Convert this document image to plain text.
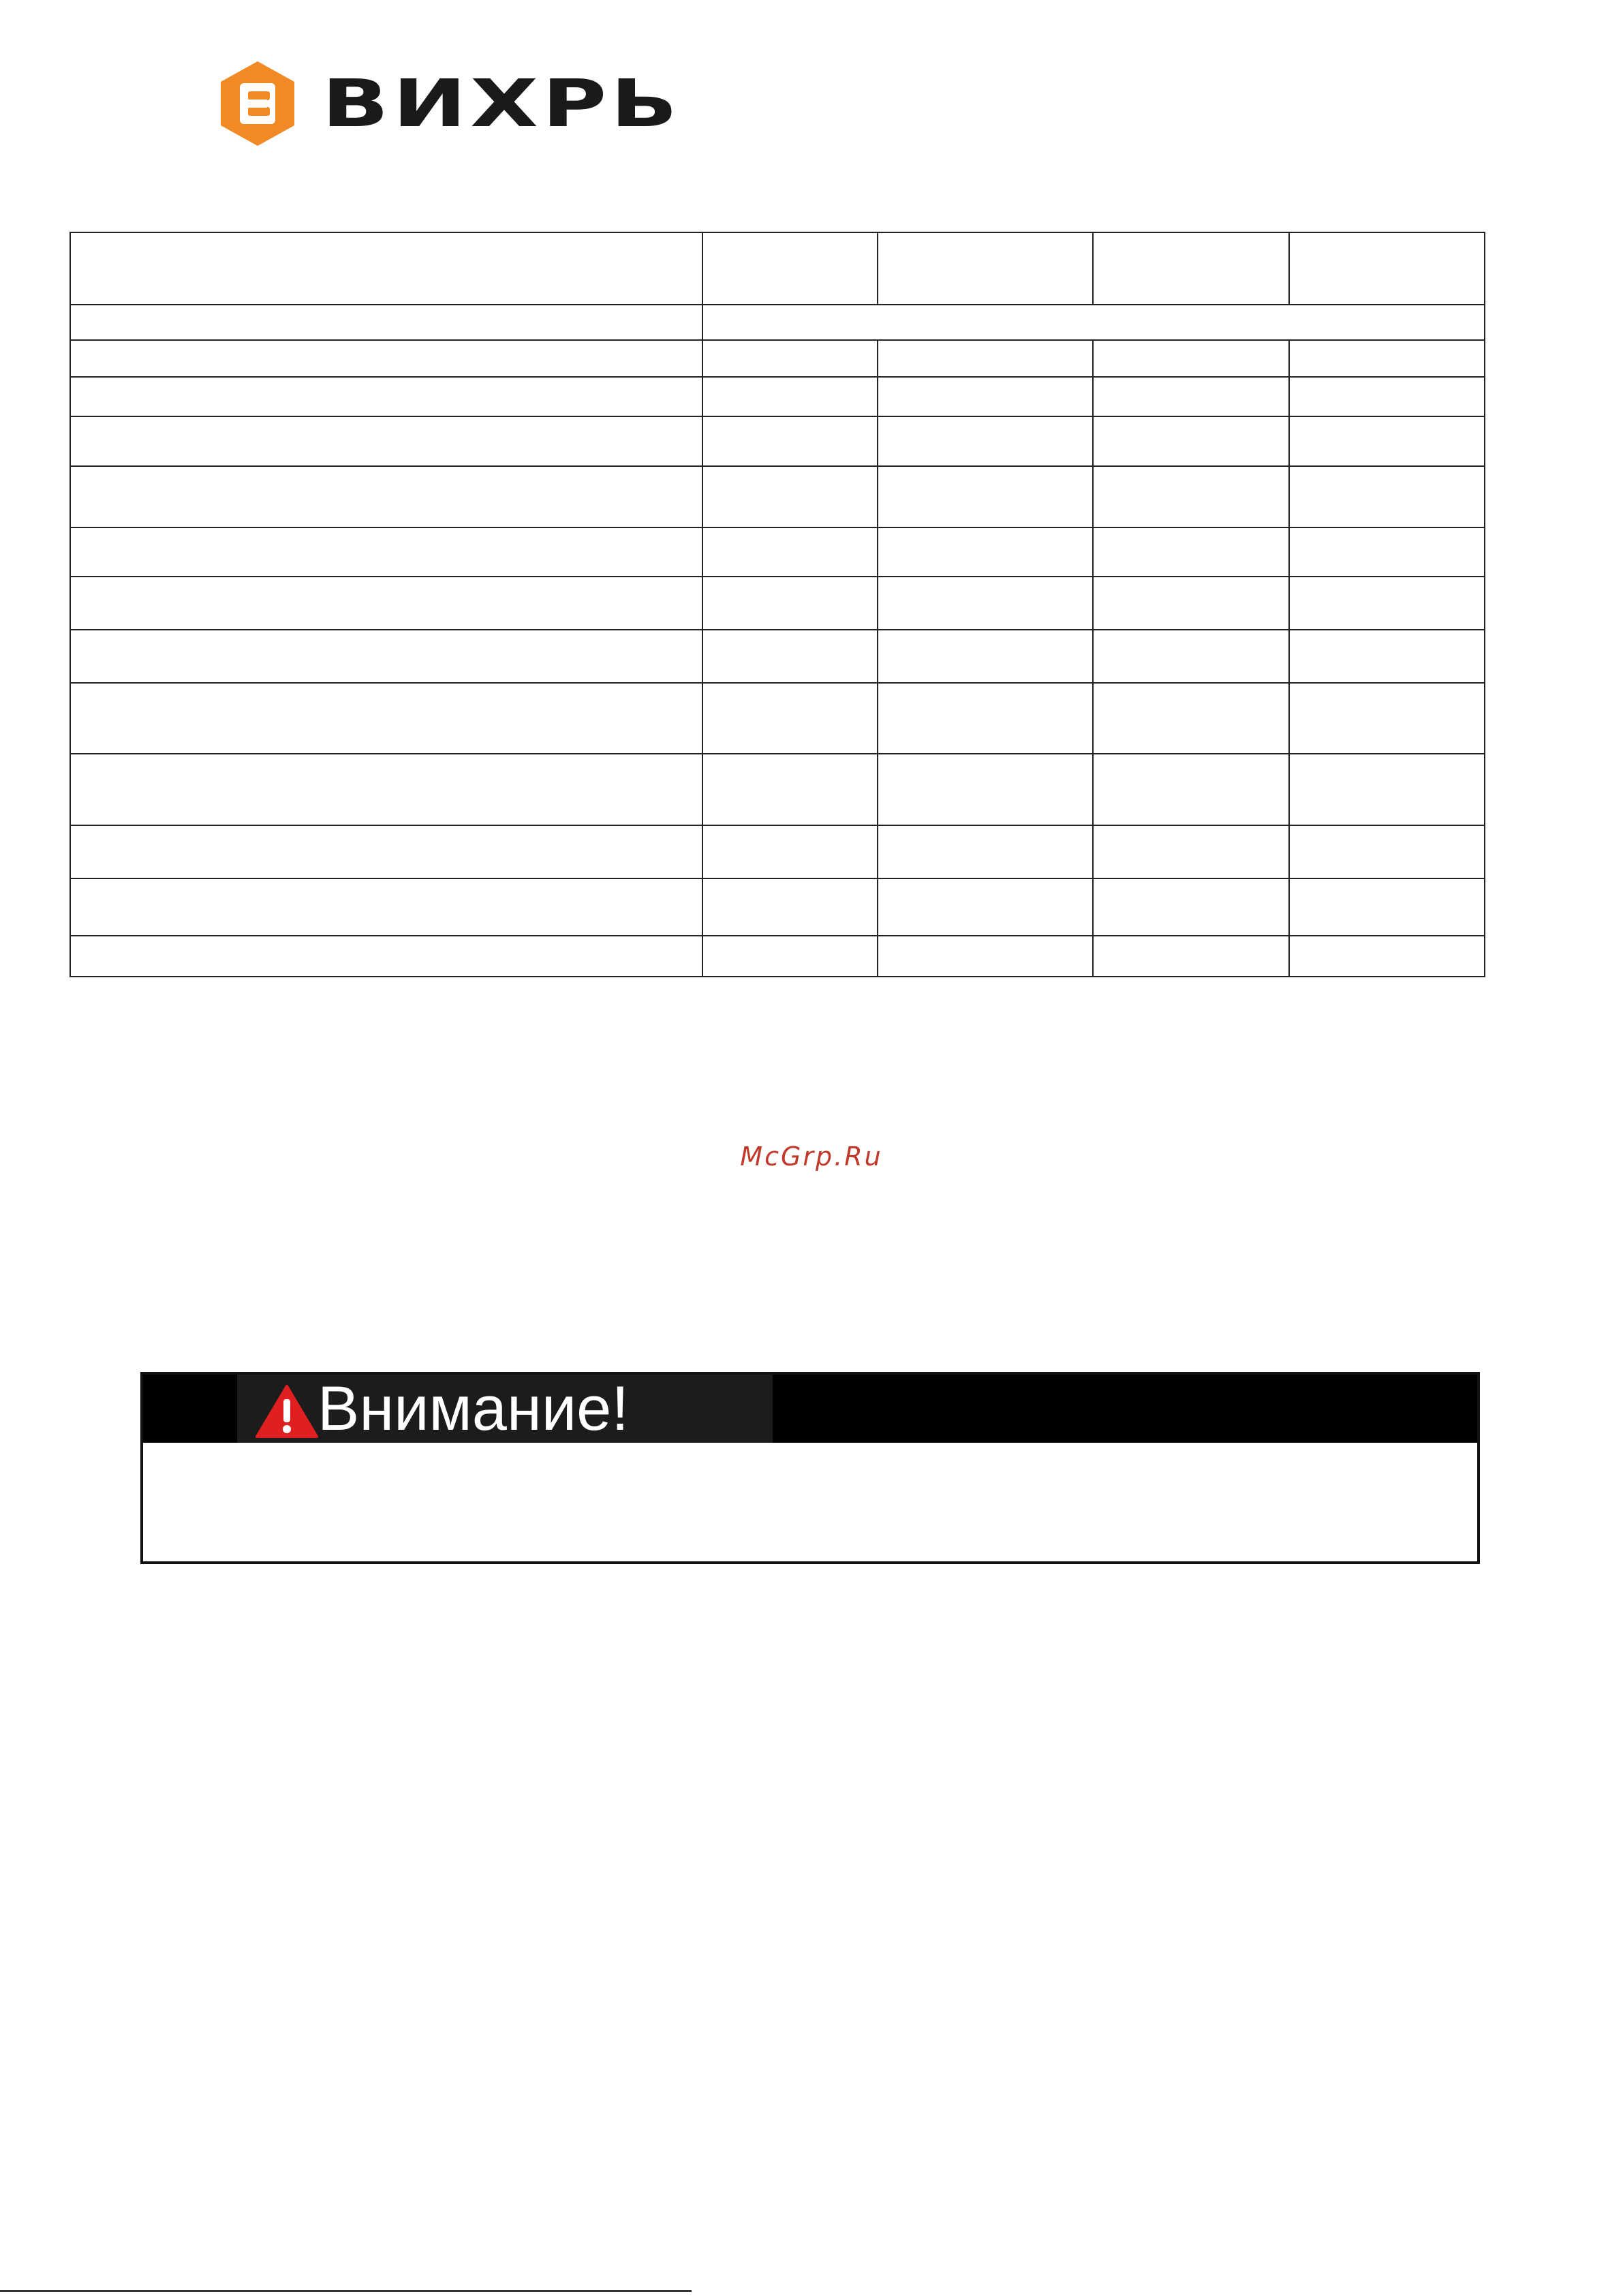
ВИХРЬ

McGrp.Ru
Внимание!
